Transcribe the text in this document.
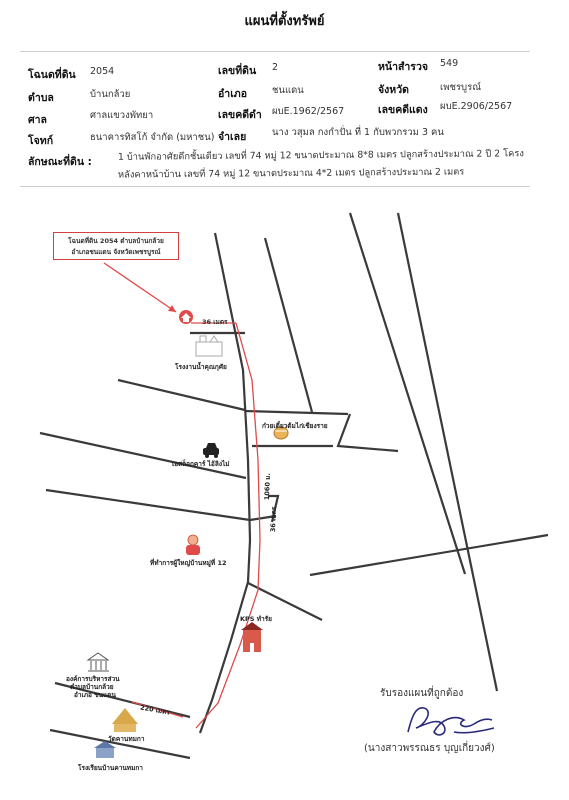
แผนที่ตั้งทรัพย์
โฉนดที่ดิน 2054	เลขที่ดิน 2	หน้าสำรวจ 549
ตำบล	บ้านกล้วย	อำเภอ	ชนแดน	จังหวัด	เพชรบูรณ์
ศาล	ศาลแขวงพัทยา	เลขคดีดำ ผบE.1962/2567	เลขคดีแดง ผบE.2906/2567
โจทก์	ธนาคารทิสโก้ จำกัด (มหาชน) จำเลย	นาง วสุมล กงกำปั่น ที่ 1 กับพวกรวม 3 คน
ลักษณะที่ดิน :	1 บ้านพักอาศัยตึกชั้นเดียว เลขที่ 74 หมู่ 12 ขนาดประมาณ 8*8 เมตร ปลูกสร้างประมาณ 2 ปี 2 โครง
หลังคาหน้าบ้าน เลขที่ 74 หมู่ 12 ขนาดประมาณ 4*2 เมตร ปลูกสร้างประมาณ 2 เมตร
โฉนดที่ดิน 2054 ตำบลบ้านกล้วย
อำเภอชนแดน จังหวัดเพชรบูรณ์
36 เมตร
1060 ม.
36 เมตร
220 เมตร
โรงงานน้ำคุณกุศัย
ก๋วยเตี๋ยวต้มไก่เชียงราย
เอสล็อกคาร์ ไอ้ลิงไม่
ที่ทำการผู้ใหญ่บ้านหมู่ที่ 12
KPS ทำรัย
องค์การบริหารส่วน
ตำบลบ้านกล้วย
อำเภอ ชนแดน
วัดคานทมกา
โรงเรียนบ้านคานทมกา
รับรองแผนที่ถูกต้อง
(นางสาวพรรณธร บุญเกี่ยวงศ์)
